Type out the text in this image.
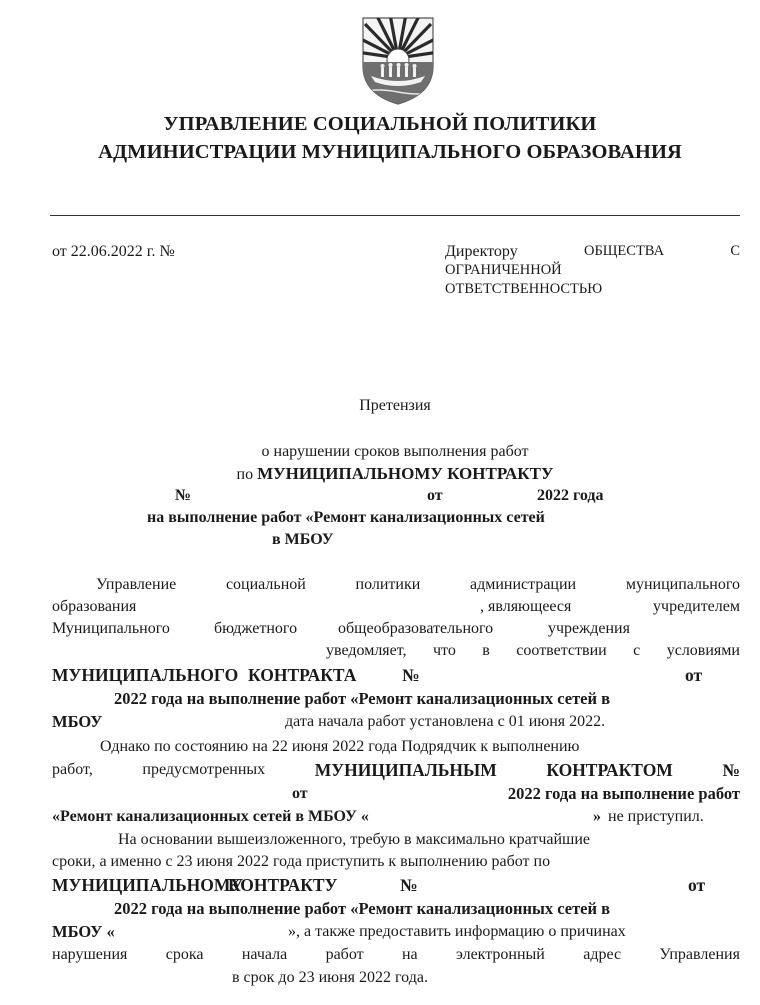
УПРАВЛЕНИЕ СОЦИАЛЬНОЙ ПОЛИТИКИ
АДМИНИСТРАЦИИ МУНИЦИПАЛЬНОГО ОБРАЗОВАНИЯ
от 22.06.2022 г. №	Директору	ОБЩЕСТВА	С
ОГРАНИЧЕННОЙ
ОТВЕТСТВЕННОСТЬЮ
Претензия
о нарушении сроков выполнения работ
по МУНИЦИПАЛЬНОМУ КОНТРАКТУ
№	от	2022 года
на выполнение работ «Ремонт канализационных сетей
в МБОУ
Управление	социальной	политики	администрации	муниципального
образования	, являющееся	учредителем
Муниципального	бюджетного	общеобразовательного	учреждения
уведомляет, что в соответствии с условиями
МУНИЦИПАЛЬНОГО КОНТРАКТА	№	от
2022 года на выполнение работ «Ремонт канализационных сетей в
МБОУ	дата начала работ установлена с 01 июня 2022.
Однако по состоянию на 22 июня 2022 года Подрядчик к выполнению
работ,	предусмотренных	МУНИЦИПАЛЬНЫМ	КОНТРАКТОМ	№
от	2022 года на выполнение работ
«Ремонт канализационных сетей в МБОУ «	» не приступил.
На основании вышеизложенного, требую в максимально кратчайшие
сроки, а именно с 23 июня 2022 года приступить к выполнению работ по
МУНИЦИПАЛЬНОМУ
КОНТРАКТУ	№	от
2022 года на выполнение работ «Ремонт канализационных сетей в
МБОУ «	», а также предоставить информацию о причинах
нарушения срока начала работ на электронный адрес Управления
в срок до 23 июня 2022 года.
